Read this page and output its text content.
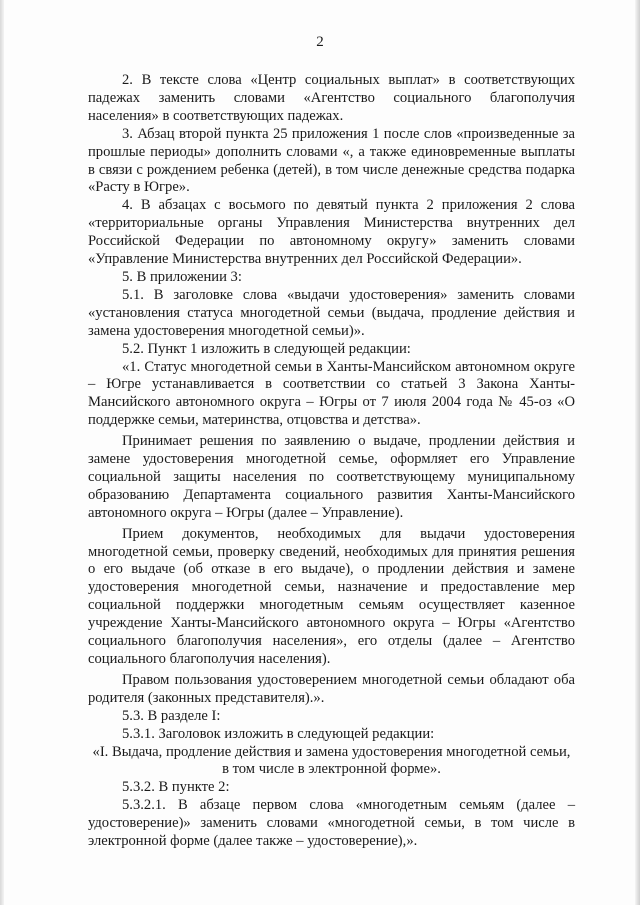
2

2. В тексте слова «Центр социальных выплат» в соответствующих падежах заменить словами «Агентство социального благополучия населения» в соответствующих падежах.

3. Абзац второй пункта 25 приложения 1 после слов «произведенные за прошлые периоды» дополнить словами «, а также единовременные выплаты в связи с рождением ребенка (детей), в том числе денежные средства подарка «Расту в Югре».

4. В абзацах с восьмого по девятый пункта 2 приложения 2 слова «территориальные органы Управления Министерства внутренних дел Российской Федерации по автономному округу» заменить словами «Управление Министерства внутренних дел Российской Федерации».

5. В приложении 3:

5.1. В заголовке слова «выдачи удостоверения» заменить словами «установления статуса многодетной семьи (выдача, продление действия и замена удостоверения многодетной семьи)».

5.2. Пункт 1 изложить в следующей редакции:

«1. Статус многодетной семьи в Ханты-Мансийском автономном округе – Югре устанавливается в соответствии со статьей 3 Закона Ханты-Мансийского автономного округа – Югры от 7 июля 2004 года № 45-оз «О поддержке семьи, материнства, отцовства и детства».

Принимает решения по заявлению о выдаче, продлении действия и замене удостоверения многодетной семье, оформляет его Управление социальной защиты населения по соответствующему муниципальному образованию Департамента социального развития Ханты-Мансийского автономного округа – Югры (далее – Управление).

Прием документов, необходимых для выдачи удостоверения многодетной семьи, проверку сведений, необходимых для принятия решения о его выдаче (об отказе в его выдаче), о продлении действия и замене удостоверения многодетной семьи, назначение и предоставление мер социальной поддержки многодетным семьям осуществляет казенное учреждение Ханты-Мансийского автономного округа – Югры «Агентство социального благополучия населения», его отделы (далее – Агентство социального благополучия населения).

Правом пользования удостоверением многодетной семьи обладают оба родителя (законных представителя).».

5.3. В разделе I:

5.3.1. Заголовок изложить в следующей редакции:

«I. Выдача, продление действия и замена удостоверения многодетной семьи, в том числе в электронной форме».

5.3.2. В пункте 2:

5.3.2.1. В абзаце первом слова «многодетным семьям (далее – удостоверение)» заменить словами «многодетной семьи, в том числе в электронной форме (далее также – удостоверение),».
